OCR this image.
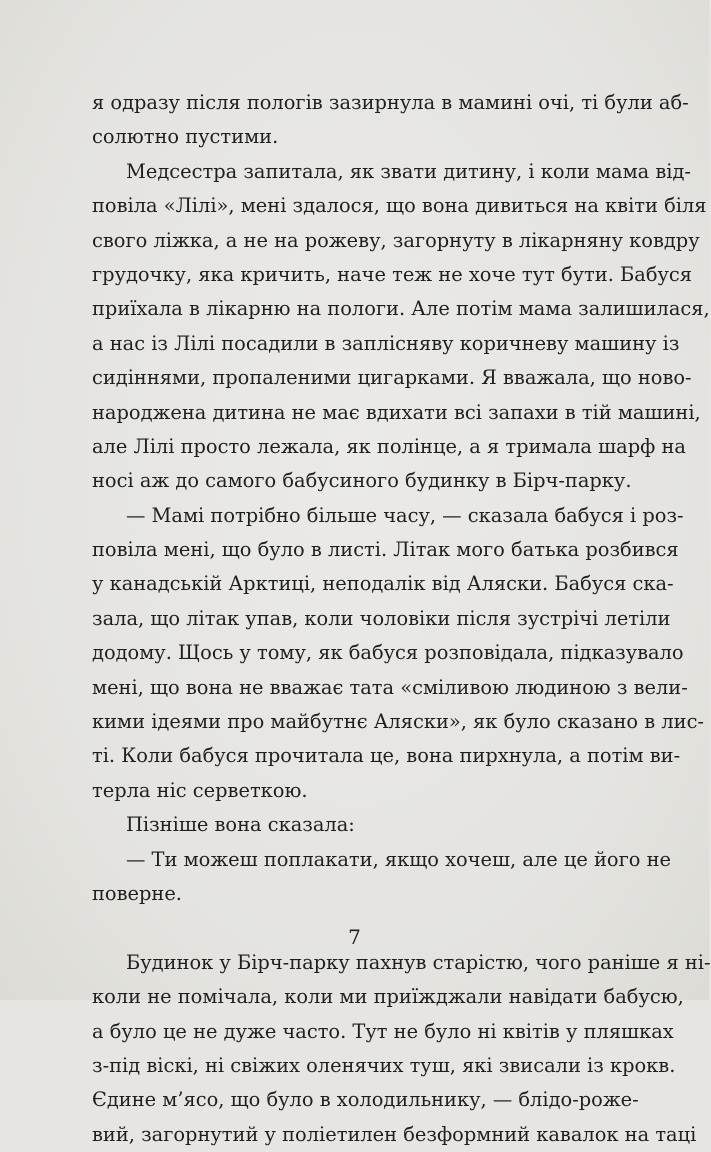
я одразу після пологів зазирнула в мамині очі, ті були аб-
солютно пустими.
Медсестра запитала, як звати дитину, і коли мама від-
повіла «Лілі», мені здалося, що вона дивиться на квіти біля
свого ліжка, а не на рожеву, загорнуту в лікарняну ковдру
грудочку, яка кричить, наче теж не хоче тут бути. Бабуся
приїхала в лікарню на пологи. Але потім мама залишилася,
а нас із Лілі посадили в заплісняву коричневу машину із
сидіннями, пропаленими цигарками. Я вважала, що ново-
народжена дитина не має вдихати всі запахи в тій машині,
але Лілі просто лежала, як полінце, а я тримала шарф на
носі аж до самого бабусиного будинку в Бірч-парку.
— Мамі потрібно більше часу, — сказала бабуся і роз-
повіла мені, що було в листі. Літак мого батька розбився
у канадській Арктиці, неподалік від Аляски. Бабуся ска-
зала, що літак упав, коли чоловіки після зустрічі летіли
додому. Щось у тому, як бабуся розповідала, підказувало
мені, що вона не вважає тата «сміливою людиною з вели-
кими ідеями про майбутнє Аляски», як було сказано в лис-
ті. Коли бабуся прочитала це, вона пирхнула, а потім ви-
терла ніс серветкою.
Пізніше вона сказала:
— Ти можеш поплакати, якщо хочеш, але це його не
поверне.
Будинок у Бірч-парку пахнув старістю, чого раніше я ні-
коли не помічала, коли ми приїжджали навідати бабусю,
а було це не дуже часто. Тут не було ні квітів у пляшках
з-під віскі, ні свіжих оленячих туш, які звисали із крокв.
Єдине м’ясо, що було в холодильнику, — блідо-роже-
вий, загорнутий у поліетилен безформний кавалок на таці
7
